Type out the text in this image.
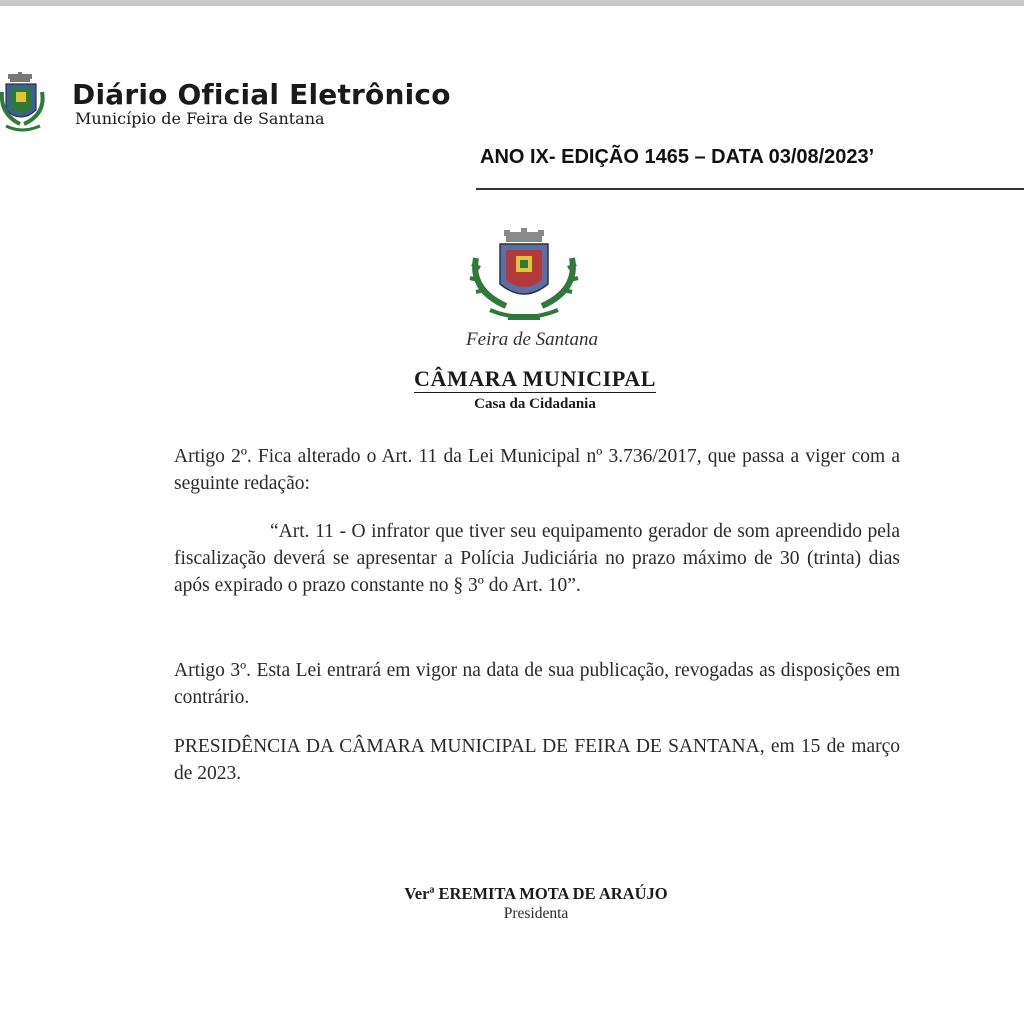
Diário Oficial Eletrônico
Município de Feira de Santana
ANO IX- EDIÇÃO 1465 – DATA 03/08/2023’
Feira de Santana
CÂMARA MUNICIPAL
Casa da Cidadania
Artigo 2º. Fica alterado o Art. 11 da Lei Municipal nº 3.736/2017, que passa a viger com a seguinte redação:
“Art. 11 - O infrator que tiver seu equipamento gerador de som apreendido pela fiscalização deverá se apresentar a Polícia Judiciária no prazo máximo de 30 (trinta) dias após expirado o prazo constante no § 3º do Art. 10”.
Artigo 3º. Esta Lei entrará em vigor na data de sua publicação, revogadas as disposições em contrário.
PRESIDÊNCIA DA CÂMARA MUNICIPAL DE FEIRA DE SANTANA, em 15 de março de 2023.
Verª EREMITA MOTA DE ARAÚJO
Presidenta
